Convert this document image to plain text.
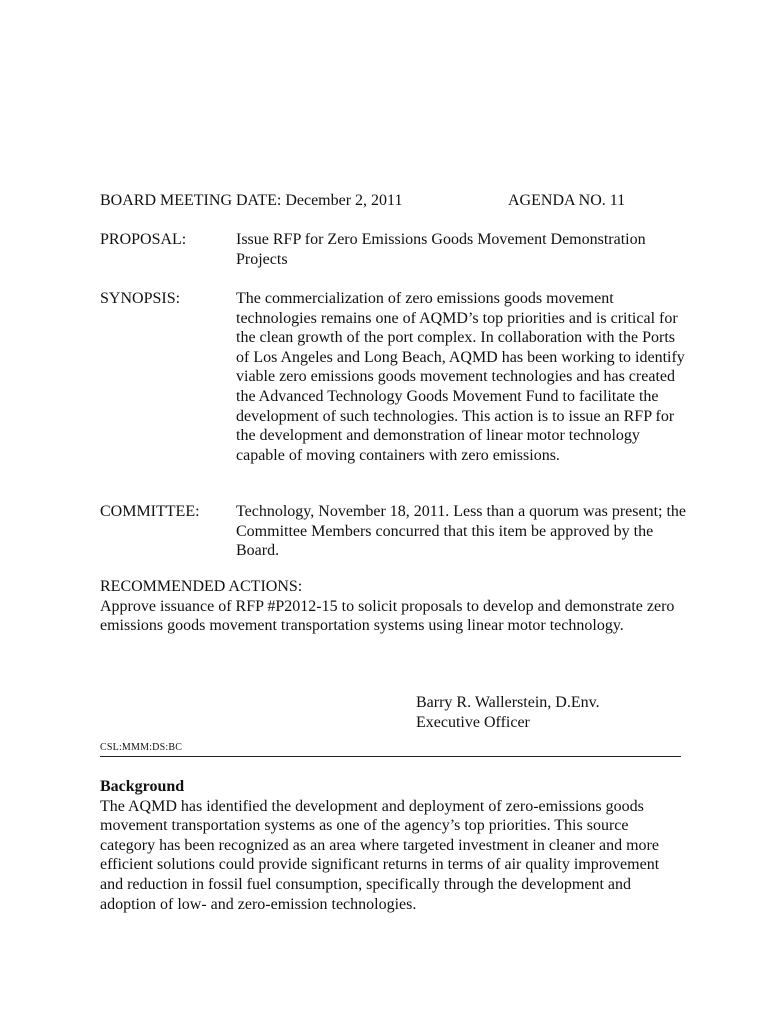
BOARD MEETING DATE: December 2, 2011	AGENDA NO. 11
PROPOSAL:	Issue RFP for Zero Emissions Goods Movement Demonstration Projects
SYNOPSIS:	The commercialization of zero emissions goods movement technologies remains one of AQMD’s top priorities and is critical for the clean growth of the port complex. In collaboration with the Ports of Los Angeles and Long Beach, AQMD has been working to identify viable zero emissions goods movement technologies and has created the Advanced Technology Goods Movement Fund to facilitate the development of such technologies. This action is to issue an RFP for the development and demonstration of linear motor technology capable of moving containers with zero emissions.
COMMITTEE: Technology, November 18, 2011. Less than a quorum was present; the Committee Members concurred that this item be approved by the Board.
RECOMMENDED ACTIONS:
Approve issuance of RFP #P2012-15 to solicit proposals to develop and demonstrate zero emissions goods movement transportation systems using linear motor technology.
Barry R. Wallerstein, D.Env.
Executive Officer
CSL:MMM:DS:BC
Background
The AQMD has identified the development and deployment of zero-emissions goods movement transportation systems as one of the agency’s top priorities. This source category has been recognized as an area where targeted investment in cleaner and more efficient solutions could provide significant returns in terms of air quality improvement and reduction in fossil fuel consumption, specifically through the development and adoption of low- and zero-emission technologies.
